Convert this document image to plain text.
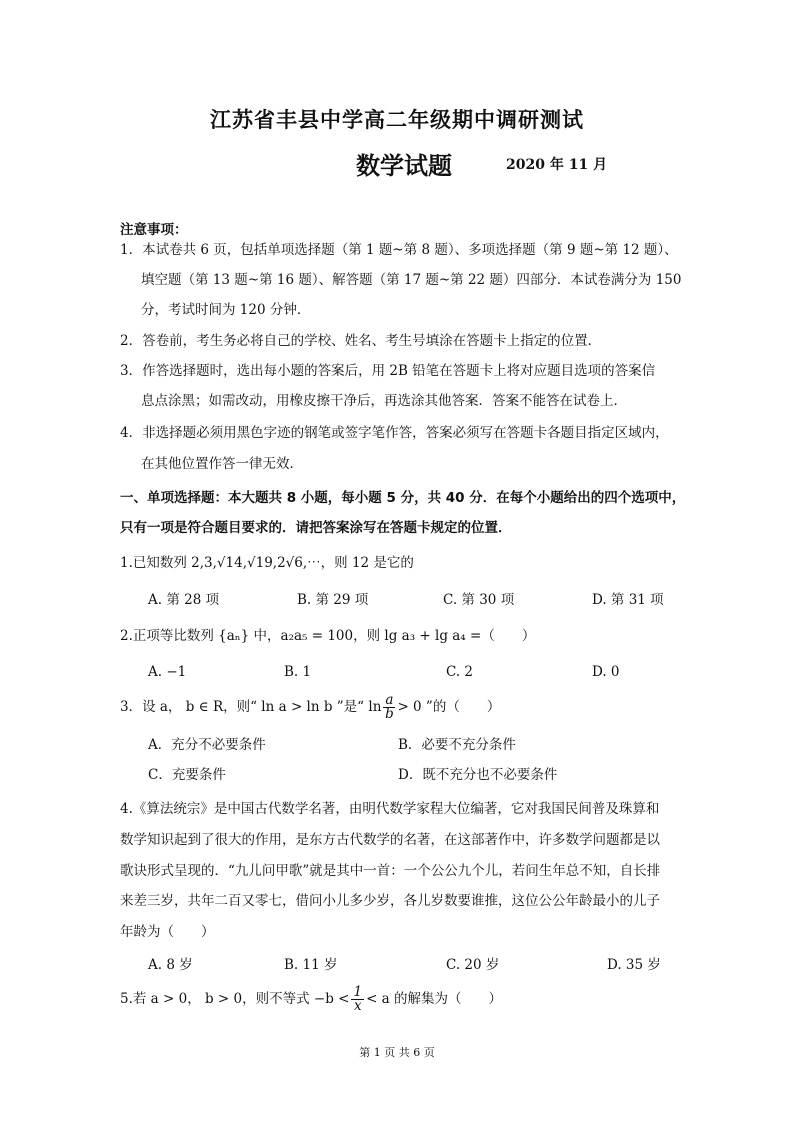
江苏省丰县中学高二年级期中调研测试
数学试题	2020 年 11 月
注意事项：
1．本试卷共 6 页，包括单项选择题（第 1 题~第 8 题）、多项选择题（第 9 题~第 12 题）、
填空题（第 13 题~第 16 题）、解答题（第 17 题~第 22 题）四部分．本试卷满分为 150
分，考试时间为 120 分钟．
2．答卷前，考生务必将自己的学校、姓名、考生号填涂在答题卡上指定的位置．
3．作答选择题时，选出每小题的答案后，用 2B 铅笔在答题卡上将对应题目选项的答案信
息点涂黑；如需改动，用橡皮擦干净后，再选涂其他答案．答案不能答在试卷上．
4．非选择题必须用黑色字迹的钢笔或签字笔作答，答案必须写在答题卡各题目指定区域内，
在其他位置作答一律无效．
一、单项选择题：本大题共 8 小题，每小题 5 分，共 40 分．在每个小题给出的四个选项中，
只有一项是符合题目要求的．请把答案涂写在答题卡规定的位置．
1.已知数列 2,3,√14,√19,2√6,⋯，则 12 是它的
A. 第 28 项	B. 第 29 项	C. 第 30 项	D. 第 31 项
2.正项等比数列 {aₙ} 中，a₂a₅ = 100，则 lg a₃ + lg a₄ =（　　）
A. −1	B. 1	C. 2	D. 0
3．设 a， b ∈ R，则“ ln a > ln b ”是“ $\ln \frac{a}{b} > 0$ ”的（　　）
A．充分不必要条件	B．必要不充分条件
C．充要条件	D．既不充分也不必要条件
4.《算法统宗》是中国古代数学名著，由明代数学家程大位编著，它对我国民间普及珠算和
数学知识起到了很大的作用，是东方古代数学的名著，在这部著作中，许多数学问题都是以
歌诀形式呈现的．“九儿问甲歌”就是其中一首：一个公公九个儿，若问生年总不知，自长排
来差三岁，共年二百又零七，借问小儿多少岁，各儿岁数要谁推，这位公公年龄最小的儿子
年龄为（　　）
A. 8 岁	B. 11 岁	C. 20 岁	D. 35 岁
5.若 a > 0， b > 0，则不等式 $-b < \frac{1}{x} < a$ 的解集为（　　）
第 1 页 共 6 页
